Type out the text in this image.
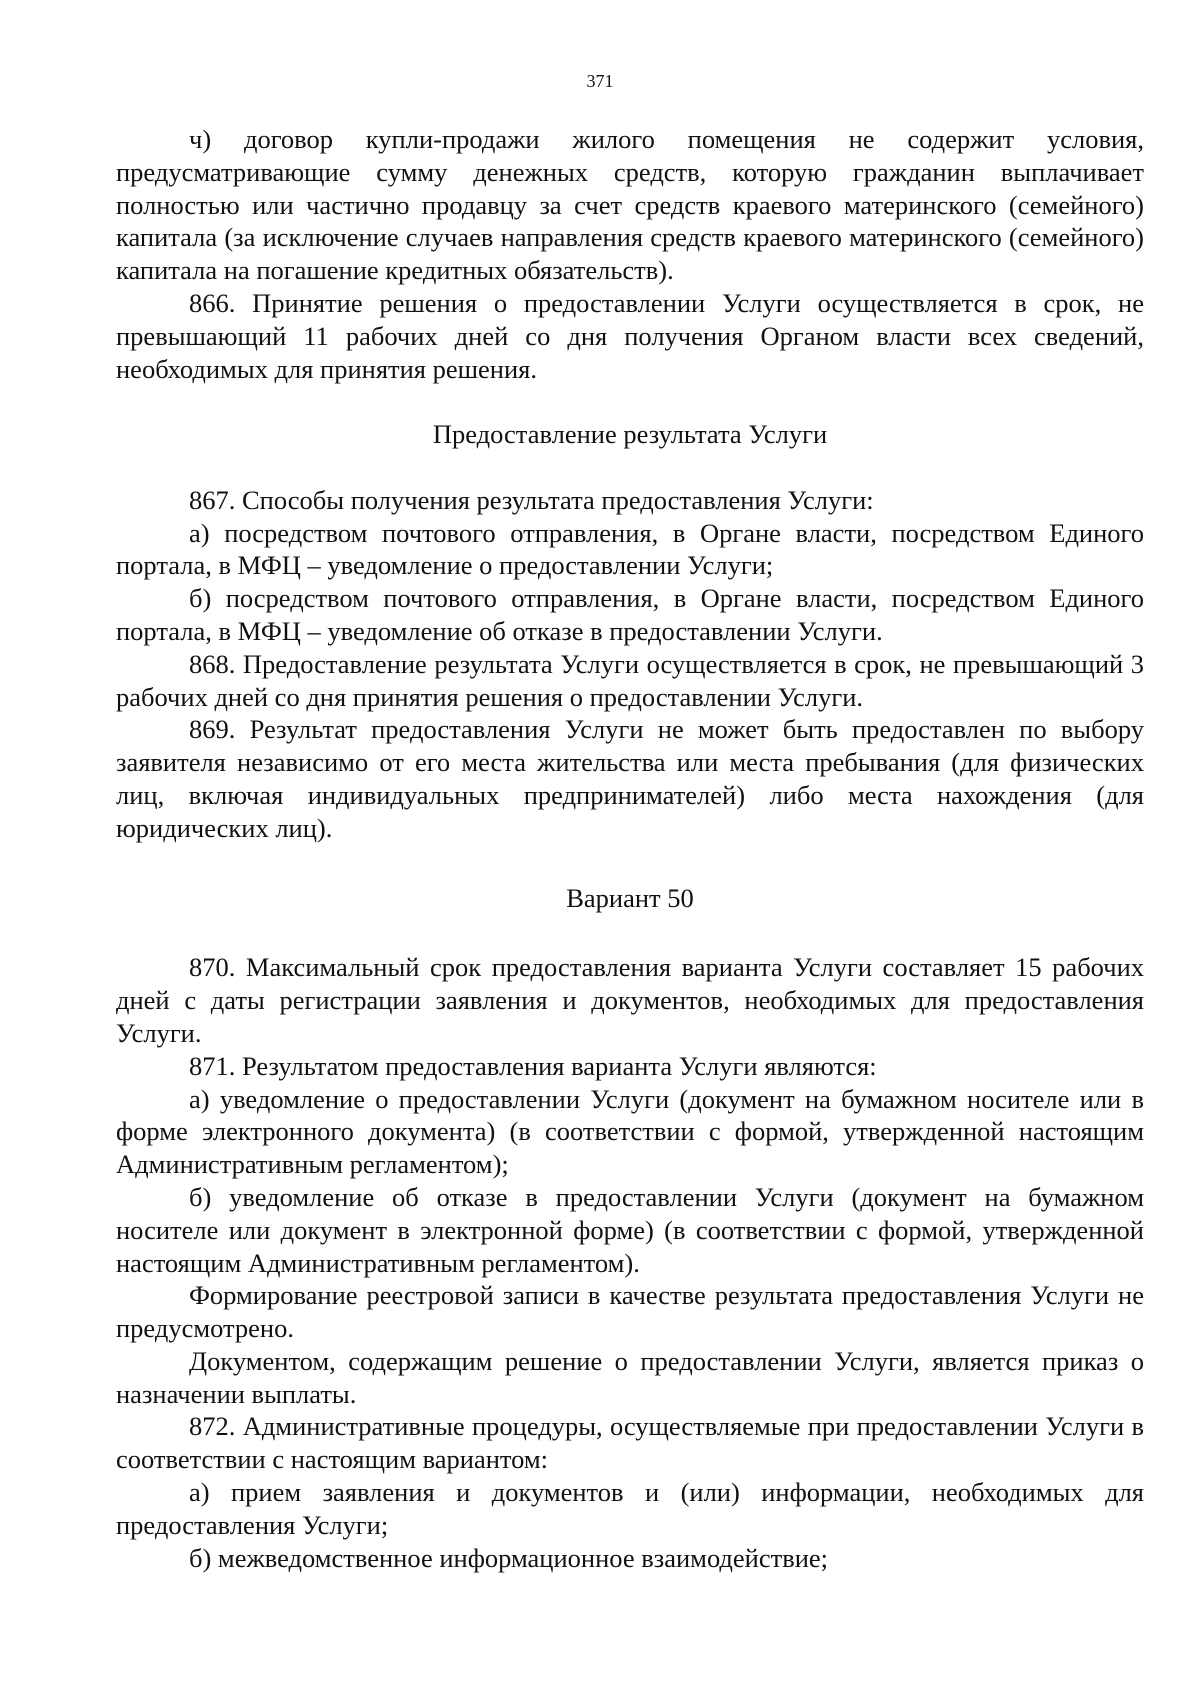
371

ч) договор купли-продажи жилого помещения не содержит условия, предусматривающие сумму денежных средств, которую гражданин выплачивает полностью или частично продавцу за счет средств краевого материнского (семейного) капитала (за исключение случаев направления средств краевого материнского (семейного) капитала на погашение кредитных обязательств).

866. Принятие решения о предоставлении Услуги осуществляется в срок, не превышающий 11 рабочих дней со дня получения Органом власти всех сведений, необходимых для принятия решения.

Предоставление результата Услуги

867. Способы получения результата предоставления Услуги:

а) посредством почтового отправления, в Органе власти, посредством Единого портала, в МФЦ – уведомление о предоставлении Услуги;

б) посредством почтового отправления, в Органе власти, посредством Единого портала, в МФЦ – уведомление об отказе в предоставлении Услуги.

868. Предоставление результата Услуги осуществляется в срок, не превышающий 3 рабочих дней со дня принятия решения о предоставлении Услуги.

869. Результат предоставления Услуги не может быть предоставлен по выбору заявителя независимо от его места жительства или места пребывания (для физических лиц, включая индивидуальных предпринимателей) либо места нахождения (для юридических лиц).

Вариант 50

870. Максимальный срок предоставления варианта Услуги составляет 15 рабочих дней с даты регистрации заявления и документов, необходимых для предоставления Услуги.

871. Результатом предоставления варианта Услуги являются:

а) уведомление о предоставлении Услуги (документ на бумажном носителе или в форме электронного документа) (в соответствии с формой, утвержденной настоящим Административным регламентом);

б) уведомление об отказе в предоставлении Услуги (документ на бумажном носителе или документ в электронной форме) (в соответствии с формой, утвержденной настоящим Административным регламентом).

Формирование реестровой записи в качестве результата предоставления Услуги не предусмотрено.

Документом, содержащим решение о предоставлении Услуги, является приказ о назначении выплаты.

872. Административные процедуры, осуществляемые при предоставлении Услуги в соответствии с настоящим вариантом:

а) прием заявления и документов и (или) информации, необходимых для предоставления Услуги;

б) межведомственное информационное взаимодействие;
